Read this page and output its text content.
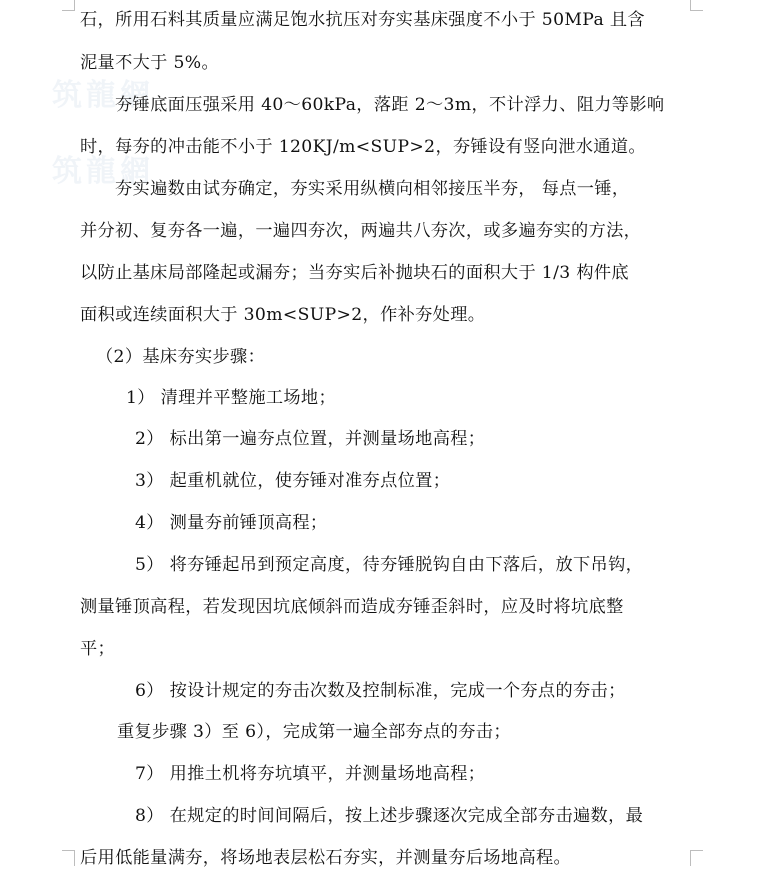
筑龍網
筑龍網
石，所用石料其质量应满足饱水抗压对夯实基床强度不小于 50MPa 且含
泥量不大于 5%。
夯锤底面压强采用 40～60kPa，落距 2～3m，不计浮力、阻力等影响
时，每夯的冲击能不小于 120KJ/m<SUP>2，夯锤设有竖向泄水通道。
夯实遍数由试夯确定，夯实采用纵横向相邻接压半夯， 每点一锤，
并分初、复夯各一遍，一遍四夯次，两遍共八夯次，或多遍夯实的方法，
以防止基床局部隆起或漏夯；当夯实后补抛块石的面积大于 1/3 构件底
面积或连续面积大于 30m<SUP>2，作补夯处理。
（2）基床夯实步骤：
1） 清理并平整施工场地；
2） 标出第一遍夯点位置，并测量场地高程；
3） 起重机就位，使夯锤对准夯点位置；
4） 测量夯前锤顶高程；
5） 将夯锤起吊到预定高度，待夯锤脱钩自由下落后，放下吊钩，
测量锤顶高程，若发现因坑底倾斜而造成夯锤歪斜时，应及时将坑底整
平；
6） 按设计规定的夯击次数及控制标准，完成一个夯点的夯击；
重复步骤 3）至 6），完成第一遍全部夯点的夯击；
7） 用推土机将夯坑填平，并测量场地高程；
8） 在规定的时间间隔后，按上述步骤逐次完成全部夯击遍数，最
后用低能量满夯，将场地表层松石夯实，并测量夯后场地高程。
